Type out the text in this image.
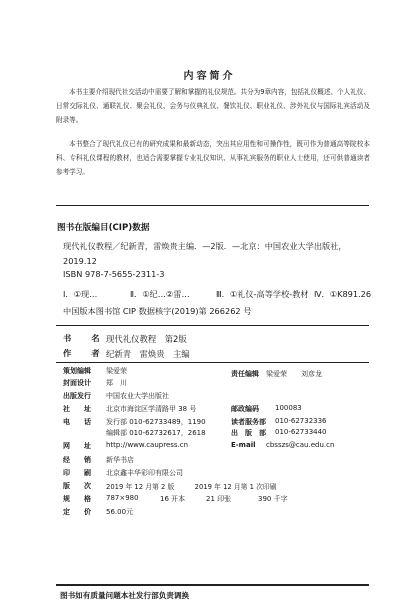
内容简介

本书主要介绍现代社交活动中需要了解和掌握的礼仪规范。共分为9章内容，包括礼仪概述、个人礼仪、日常交际礼仪、通联礼仪、聚会礼仪、会务与仪典礼仪、餐饮礼仪、职业礼仪、涉外礼仪与国际礼宾活动及附录等。

本书整合了现代礼仪已有的研究成果和最新动态，突出其应用性和可操作性，既可作为普通高等院校本科、专科礼仪课程的教材，也适合需要掌握专业礼仪知识、从事礼宾服务的职业人士使用，还可供普通读者参考学习。

图书在版编目(CIP)数据

现代礼仪教程／纪新青，雷焕贵主编．—2版．—北京：中国农业大学出版社，2019.12

ISBN 978-7-5655-2311-3
Ⅰ．①现…	Ⅱ．①纪…②雷…	Ⅲ．①礼仪-高等学校-教材 Ⅳ．①K891.26
中国版本图书馆 CIP 数据核字(2019)第 266262 号
书　名 现代礼仪教程　第2版
作　者 纪新青　雷焕贵　主编
策划编辑 梁爱荣	责任编辑 梁爱荣　　刘彦龙
封面设计 郑　川
出版发行 中国农业大学出版社
社　　址 北京市海淀区学清路甲 38 号	邮政编码 100083
电　　话 发行部 010-62733489，1190	读者服务部 010-62732336
编辑部 010-62732617，2618	出　版　部 010-62733440
网　　址 http://www.caupress.cn	E-mail cbsszs@cau.edu.cn
经　　销 新华书店
印　　刷 北京鑫丰华彩印有限公司
版　　次 2019 年 12 月第 2 版　　　2019 年 12 月第 1 次印刷
规　　格 787×980	16 开本	21 印张	390 千字
定　　价 56.00元
图书如有质量问题本社发行部负责调换
